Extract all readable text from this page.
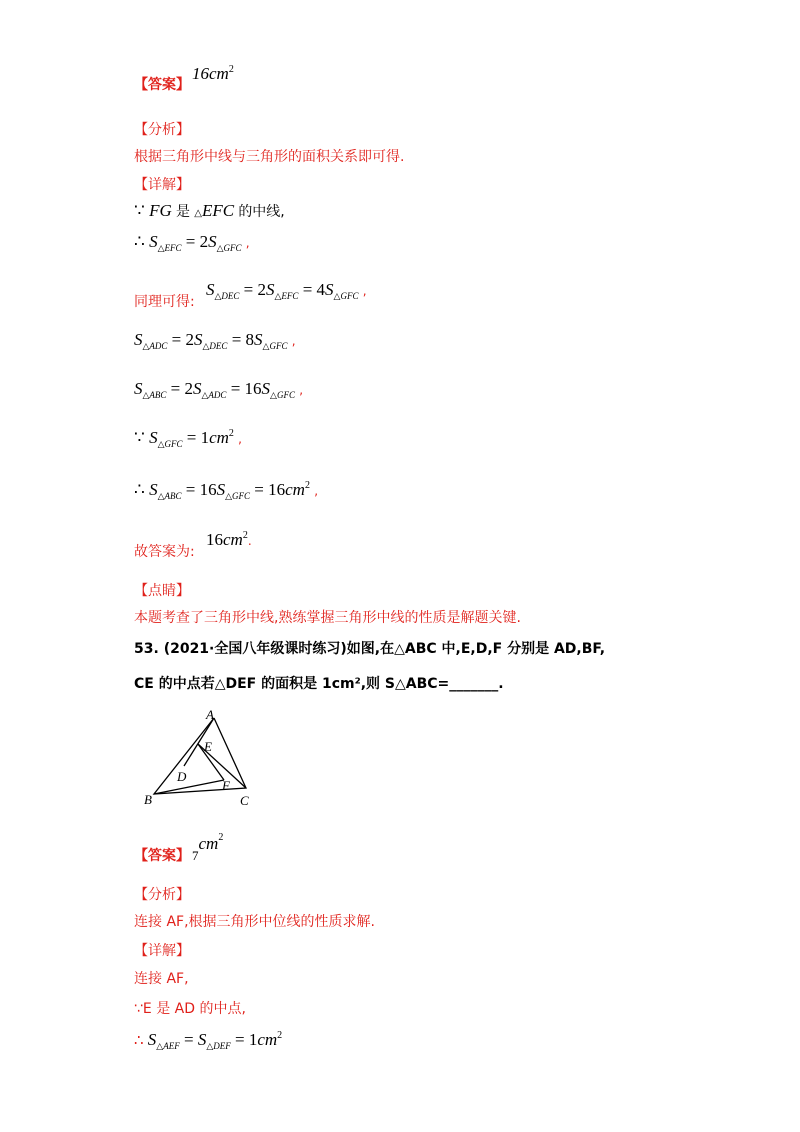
【答案】
$16cm^2$
【分析】
根据三角形中线与三角形的面积关系即可得.
【详解】
∵ FG 是 △EFC 的中线,
∴ $S_{\triangle EFC} = 2S_{\triangle GFC}$ ,
同理可得:
$S_{\triangle DEC} = 2S_{\triangle EFC} = 4S_{\triangle GFC}$ ,
$S_{\triangle ADC} = 2S_{\triangle DEC} = 8S_{\triangle GFC}$ ,
$S_{\triangle ABC} = 2S_{\triangle ADC} = 16S_{\triangle GFC}$ ,
∵ $S_{\triangle GFC} = 1cm^2$ ,
∴ $S_{\triangle ABC} = 16S_{\triangle GFC} = 16cm^2$ ,
故答案为:
$16cm^2$.
【点睛】
本题考查了三角形中线,熟练掌握三角形中线的性质是解题关键.
53. (2021·全国八年级课时练习)如图,在△ABC 中,E,D,F 分别是 AD,BF,
CE 的中点若△DEF 的面积是 1cm²,则 S△ABC=_______.
A
E
D
F
B	C
【答案】 $_7cm^2$
【分析】
连接 AF,根据三角形中位线的性质求解.
【详解】
连接 AF,
∵E 是 AD 的中点,
∴ $S_{\triangle AEF} = S_{\triangle DEF} = 1cm^2$
